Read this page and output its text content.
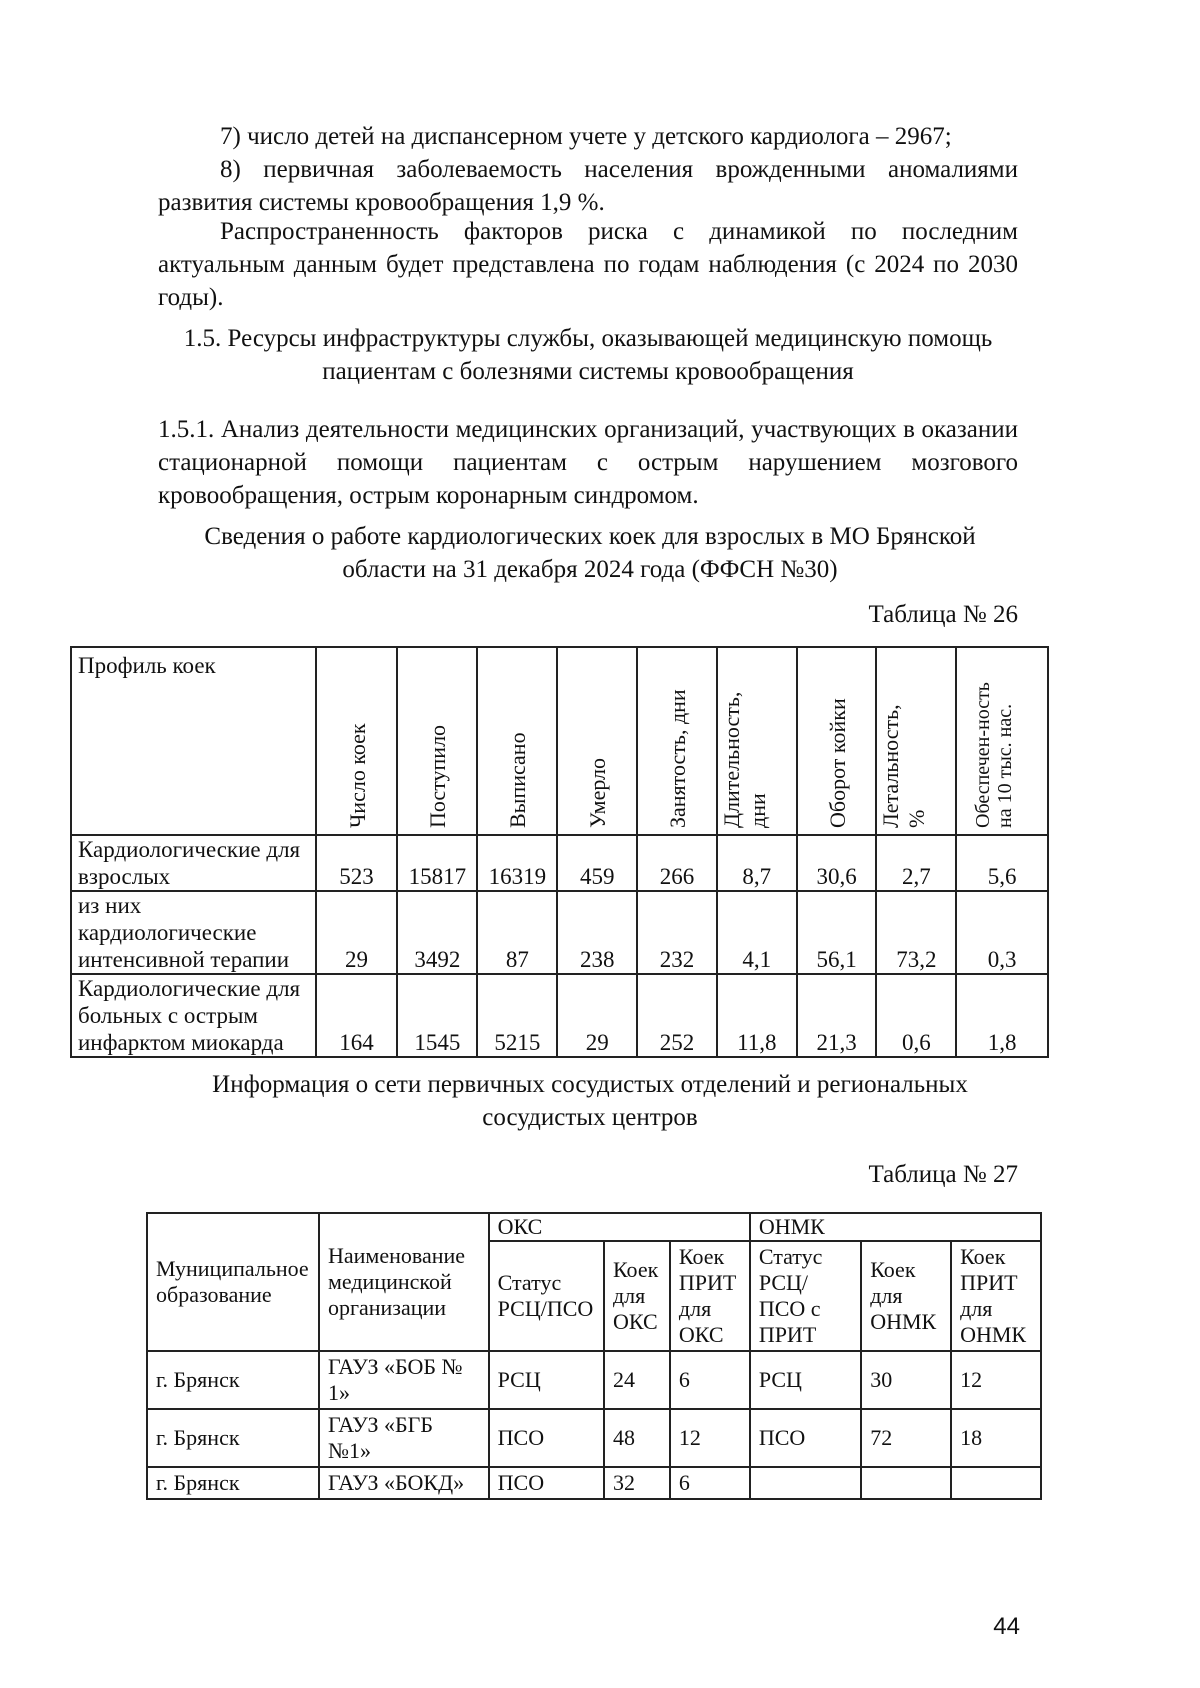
7) число детей на диспансерном учете у детского кардиолога – 2967;
8) первичная заболеваемость населения врожденными аномалиями развития системы кровообращения 1,9 %.
Распространенность факторов риска с динамикой по последним актуальным данным будет представлена по годам наблюдения (с 2024 по 2030 годы).
1.5. Ресурсы инфраструктуры службы, оказывающей медицинскую помощь пациентам с болезнями системы кровообращения
1.5.1. Анализ деятельности медицинских организаций, участвующих в оказании стационарной помощи пациентам с острым нарушением мозгового кровообращения, острым коронарным синдромом.
Сведения о работе кардиологических коек для взрослых в МО Брянской области на 31 декабря 2024 года (ФФСН №30)
Таблица № 26
Профиль коек	Число коек	Поступило	Выписано	Умерло	Занятость, дни	Длительность, дни	Оборот койки	Летальность, %	Обеспечен-ность на 10 тыс. нас.

Кардиологические для взрослых	523	15817	16319	459	266	8,7	30,6	2,7	5,6
из них кардиологические интенсивной терапии	29	3492	87	238	232	4,1	56,1	73,2	0,3
Кардиологические для больных с острым инфарктом миокарда	164	1545	5215	29	252	11,8	21,3	0,6	1,8
Информация о сети первичных сосудистых отделений и региональных сосудистых центров
Таблица № 27
Муниципальное образование	Наименование медицинской организации	ОКС			ОНМК		
		Статус РСЦ/ПСО	Коек для ОКС	Коек ПРИТ для ОКС	Статус РСЦ/ПСО с ПРИТ	Коек для ОНМК	Коек ПРИТ для ОНМК
г. Брянск	ГАУЗ «БОБ № 1»	РСЦ	24	6	РСЦ	30	12
г. Брянск	ГАУЗ «БГБ №1»	ПСО	48	12	ПСО	72	18
г. Брянск	ГАУЗ «БОКД»	ПСО	32	6			
44
